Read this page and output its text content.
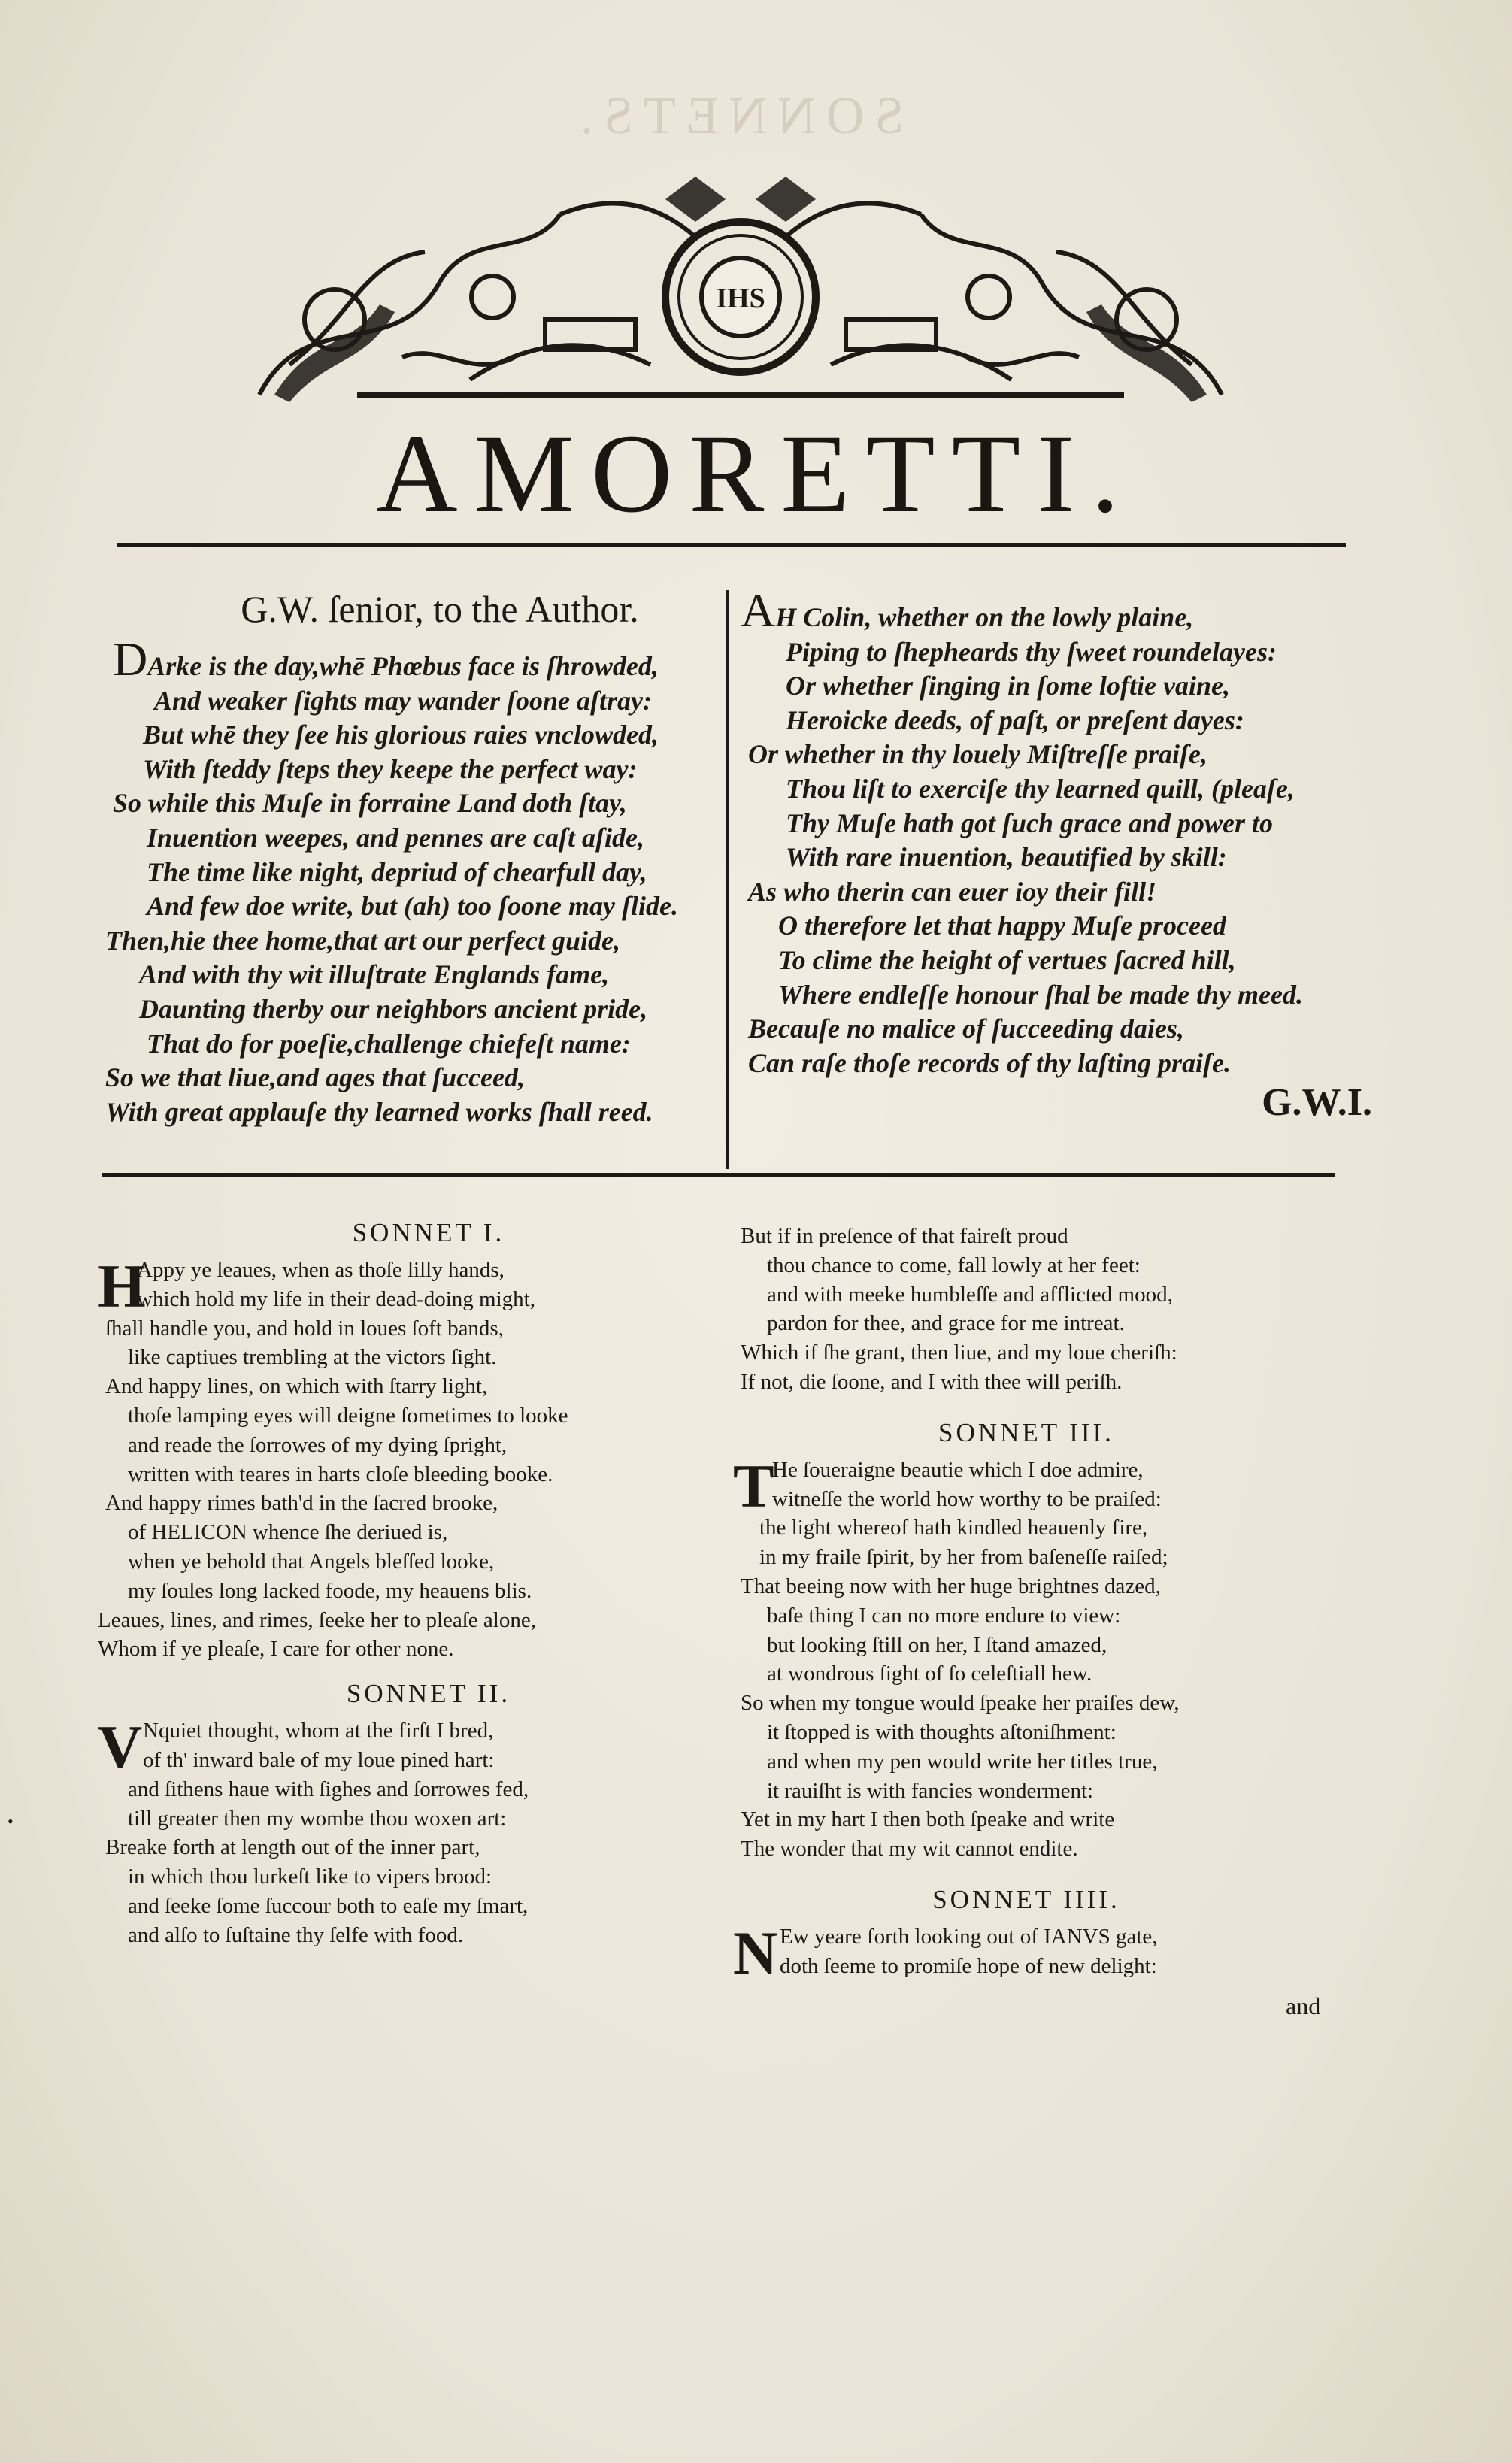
SONNETS.
IHS
AMORETTI.
G.W. ſenior, to the Author.
DArke is the day,whē Phœbus face is ſhrowded,
And weaker ſights may wander ſoone aſtray:
But whē they ſee his glorious raies vnclowded,
With ſteddy ſteps they keepe the perfect way:
So while this Muſe in forraine Land doth ſtay,
Inuention weepes, and pennes are caſt aſide,
The time like night, depriud of chearfull day,
And few doe write, but (ah) too ſoone may ſlide.
Then,hie thee home,that art our perfect guide,
And with thy wit illuſtrate Englands fame,
Daunting therby our neighbors ancient pride,
That do for poeſie,challenge chiefeſt name:
So we that liue,and ages that ſucceed,
With great applauſe thy learned works ſhall reed.
AH Colin, whether on the lowly plaine,
Piping to ſhepheards thy ſweet roundelayes:
Or whether ſinging in ſome loftie vaine,
Heroicke deeds, of paſt, or preſent dayes:
Or whether in thy louely Miſtreſſe praiſe,
Thou liſt to exerciſe thy learned quill, (pleaſe,
Thy Muſe hath got ſuch grace and power to
With rare inuention, beautified by skill:
As who therin can euer ioy their fill!
O therefore let that happy Muſe proceed
To clime the height of vertues ſacred hill,
Where endleſſe honour ſhal be made thy meed.
Becauſe no malice of ſucceeding daies,
Can raſe thoſe records of thy laſting praiſe.
G.W.I.
SONNET I.
H
Appy ye leaues, when as thoſe lilly hands,
which hold my life in their dead-doing might,
ſhall handle you, and hold in loues ſoft bands,
like captiues trembling at the victors ſight.
And happy lines, on which with ſtarry light,
thoſe lamping eyes will deigne ſometimes to looke
and reade the ſorrowes of my dying ſpright,
written with teares in harts cloſe bleeding booke.
And happy rimes bath'd in the ſacred brooke,
of HELICON whence ſhe deriued is,
when ye behold that Angels bleſſed looke,
my ſoules long lacked foode, my heauens blis.
Leaues, lines, and rimes, ſeeke her to pleaſe alone,
Whom if ye pleaſe, I care for other none.
SONNET II.
V Nquiet thought, whom at the firſt I bred,
of th' inward bale of my loue pined hart:
and ſithens haue with ſighes and ſorrowes fed,
till greater then my wombe thou woxen art:
Breake forth at length out of the inner part,
in which thou lurkeſt like to vipers brood:
and ſeeke ſome ſuccour both to eaſe my ſmart,
and alſo to ſuſtaine thy ſelfe with food.
But if in preſence of that faireſt proud
thou chance to come, fall lowly at her feet:
and with meeke humbleſſe and afflicted mood,
pardon for thee, and grace for me intreat.
Which if ſhe grant, then liue, and my loue cheriſh:
If not, die ſoone, and I with thee will periſh.
SONNET III.
T
He ſoueraigne beautie which I doe admire,
witneſſe the world how worthy to be praiſed:
the light whereof hath kindled heauenly fire,
in my fraile ſpirit, by her from baſeneſſe raiſed;
That beeing now with her huge brightnes dazed,
baſe thing I can no more endure to view:
but looking ſtill on her, I ſtand amazed,
at wondrous ſight of ſo celeſtiall hew.
So when my tongue would ſpeake her praiſes dew,
it ſtopped is with thoughts aſtoniſhment:
and when my pen would write her titles true,
it rauiſht is with fancies wonderment:
Yet in my hart I then both ſpeake and write
The wonder that my wit cannot endite.
SONNET IIII.
N Ew yeare forth looking out of IANVS gate,
doth ſeeme to promiſe hope of new delight:
and
•
